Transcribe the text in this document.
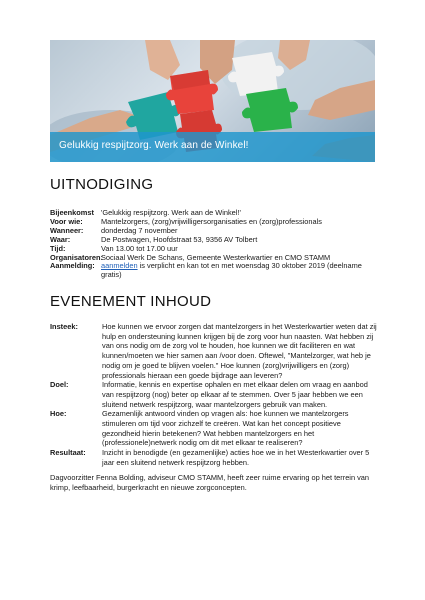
Gelukkig respijtzorg. Werk aan de Winkel!
UITNODIGING
Bijeenkomst 'Gelukkig respijtzorg. Werk aan de Winkel!'
Voor wie:	Mantelzorgers, (zorg)vrijwilligersorganisaties en (zorg)professionals
Wanneer:	donderdag 7 november
Waar:	De Postwagen, Hoofdstraat 53, 9356 AV Tolbert
Tijd:	Van 13.00 tot 17.00 uur
Organisatoren:
Sociaal Werk De Schans, Gemeente Westerkwartier en CMO STAMM
Aanmelding: aanmelden is verplicht en kan tot en met woensdag 30 oktober 2019 (deelname gratis)
EVENEMENT INHOUD
Insteek:	Hoe kunnen we ervoor zorgen dat mantelzorgers in het Westerkwartier weten dat zij hulp en ondersteuning kunnen krijgen bij de zorg voor hun naasten. Wat hebben zij van ons nodig om de zorg vol te houden, hoe kunnen we dit faciliteren en wat kunnen/moeten we hier samen aan /voor doen. Oftewel, "Mantelzorger, wat heb je nodig om je goed te blijven voelen." Hoe kunnen (zorg)vrijwilligers en (zorg) professionals hieraan een goede bijdrage aan leveren?
Doel:	Informatie, kennis en expertise ophalen en met elkaar delen om vraag en aanbod van respijtzorg (nog) beter op elkaar af te stemmen. Over 5 jaar hebben we een sluitend netwerk respijtzorg, waar mantelzorgers gebruik van maken.
Hoe:	Gezamenlijk antwoord vinden op vragen als: hoe kunnen we mantelzorgers stimuleren om tijd voor zichzelf te creëren. Wat kan het concept positieve gezondheid hierin betekenen? Wat hebben mantelzorgers en het (professionele)netwerk nodig om dit met elkaar te realiseren?
Resultaat:	Inzicht in benodigde (en gezamenlijke) acties hoe we in het Westerkwartier over 5 jaar een sluitend netwerk respijtzorg hebben.
Dagvoorzitter Fenna Bolding, adviseur CMO STAMM, heeft zeer ruime ervaring op het terrein van krimp, leefbaarheid, burgerkracht en nieuwe zorgconcepten.
